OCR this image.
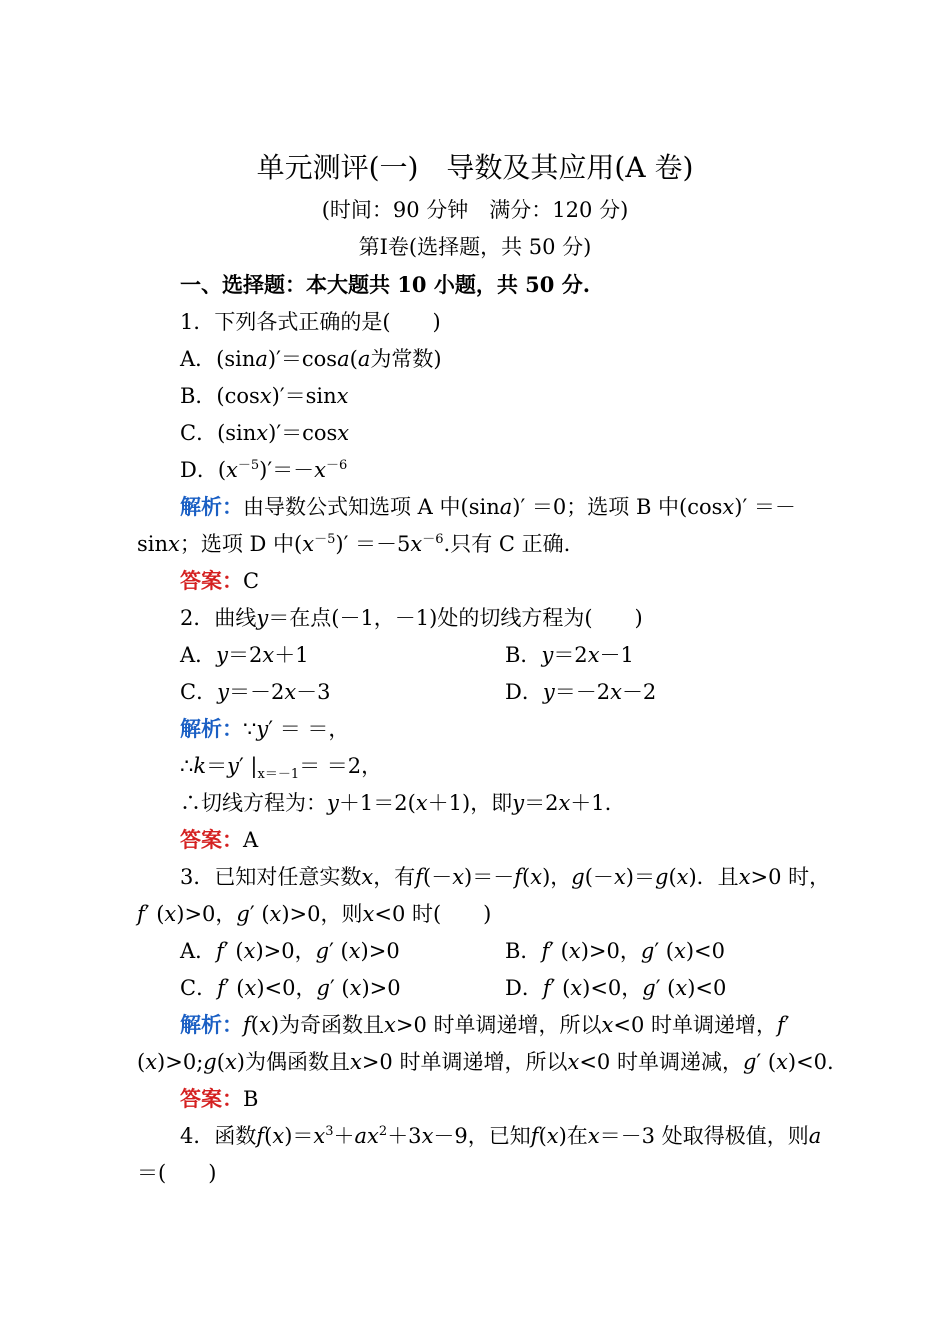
单元测评(一)　导数及其应用(A 卷)
(时间：90 分钟　满分：120 分)
第Ⅰ卷(选择题，共 50 分)
一、选择题：本大题共 10 小题，共 50 分.
1．下列各式正确的是(　　)
A．(sina)′＝cosa(a为常数)
B．(cosx)′＝sinx
C．(sinx)′＝cosx
D．$(x^{-5})'=-x^{-6}$
解析：由导数公式知选项 A 中(sina)′ ＝0；选项 B 中(cosx)′ ＝－
sinx；选项 D 中$(x^{-5})' =-5x^{-6}$.只有 C 正确.
答案：C
2．曲线y＝在点(－1，－1)处的切线方程为(　　)
A．y＝2x＋1	B．y＝2x－1
C．y＝－2x－3	D．y＝－2x－2
解析：∵y′ ＝ ＝，
∴k＝y′ $|_{x=-1}= =2$，
∴切线方程为：y＋1＝2(x＋1)，即y＝2x＋1.
答案：A
3．已知对任意实数x，有f(－x)＝－f(x)，g(－x)＝g(x)．且x>0 时，
f′ (x)>0，g′ (x)>0，则x<0 时(　　)
A．f′ (x)>0，g′ (x)>0	B．f′ (x)>0，g′ (x)<0
C．f′ (x)<0，g′ (x)>0	D．f′ (x)<0，g′ (x)<0
解析：f(x)为奇函数且x>0 时单调递增，所以x<0 时单调递增，f′
(x)>0;g(x)为偶函数且x>0 时单调递增，所以x<0 时单调递减，g′ (x)<0.
答案：B
4．函数$f(x)=x^3+ax^2+3x-9$，已知f(x)在x＝－3 处取得极值，则a
＝(　　)
